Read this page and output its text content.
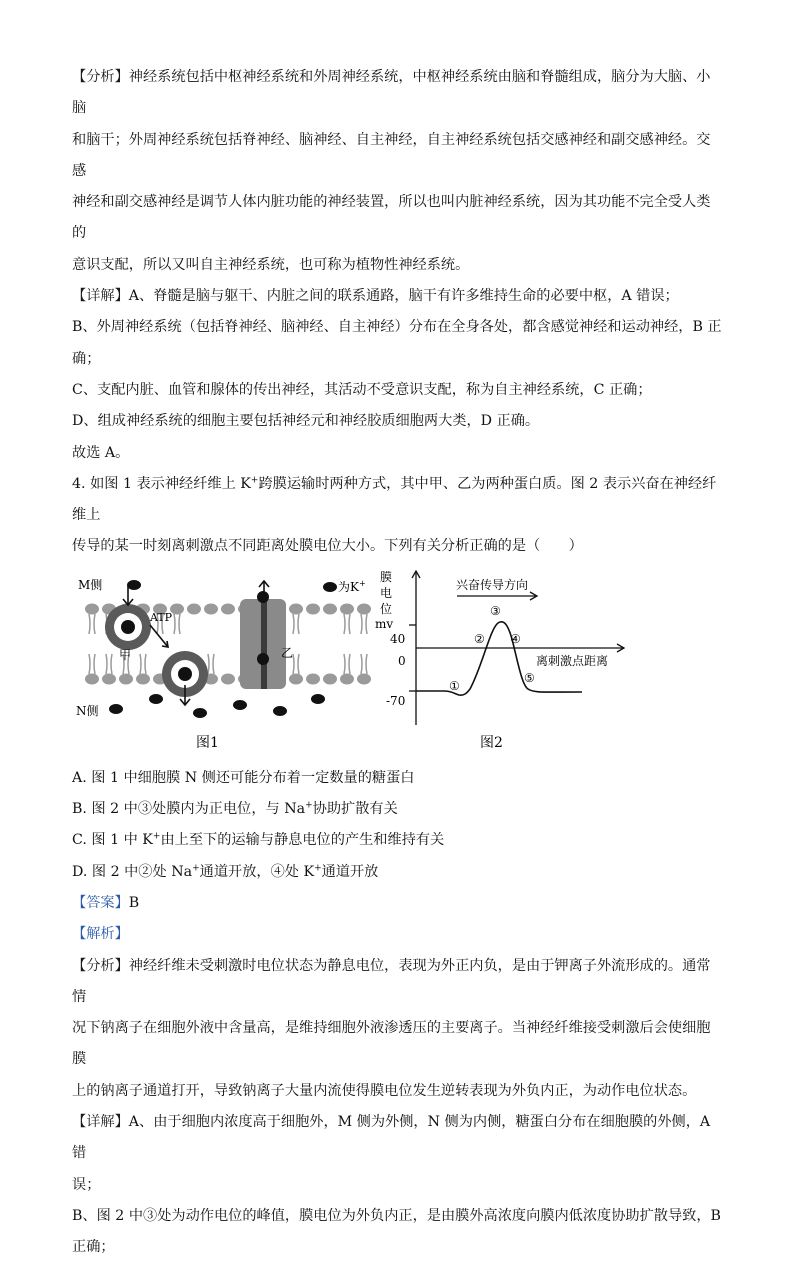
【分析】神经系统包括中枢神经系统和外周神经系统，中枢神经系统由脑和脊髓组成，脑分为大脑、小脑
和脑干；外周神经系统包括脊神经、脑神经、自主神经，自主神经系统包括交感神经和副交感神经。交感
神经和副交感神经是调节人体内脏功能的神经装置，所以也叫内脏神经系统，因为其功能不完全受人类的
意识支配，所以又叫自主神经系统，也可称为植物性神经系统。

【详解】A、脊髓是脑与躯干、内脏之间的联系通路，脑干有许多维持生命的必要中枢，A 错误；

B、外周神经系统（包括脊神经、脑神经、自主神经）分布在全身各处，都含感觉神经和运动神经，B 正
确；

C、支配内脏、血管和腺体的传出神经，其活动不受意识支配，称为自主神经系统，C 正确；

D、组成神经系统的细胞主要包括神经元和神经胶质细胞两大类，D 正确。

故选 A。

4. 如图 1 表示神经纤维上 K+跨膜运输时两种方式，其中甲、乙为两种蛋白质。图 2 表示兴奋在神经纤维上
传导的某一时刻离刺激点不同距离处膜电位大小。下列有关分析正确的是（　　）

M侧
N侧
为K+
ATP
甲	乙
图1
膜
电
位
mv
40
0
-70
兴奋传导方向
离刺激点距离
①
②
③
④
⑤
图2

A. 图 1 中细胞膜 N 侧还可能分布着一定数量的糖蛋白

B. 图 2 中③处膜内为正电位，与 Na+协助扩散有关

C. 图 1 中 K+由上至下的运输与静息电位的产生和维持有关

D. 图 2 中②处 Na+通道开放，④处 K+通道开放

【答案】B

【解析】

【分析】神经纤维未受刺激时电位状态为静息电位，表现为外正内负，是由于钾离子外流形成的。通常情
况下钠离子在细胞外液中含量高，是维持细胞外液渗透压的主要离子。当神经纤维接受刺激后会使细胞膜
上的钠离子通道打开，导致钠离子大量内流使得膜电位发生逆转表现为外负内正，为动作电位状态。

【详解】A、由于细胞内浓度高于细胞外，M 侧为外侧，N 侧为内侧，糖蛋白分布在细胞膜的外侧，A 错
误；

B、图 2 中③处为动作电位的峰值，膜电位为外负内正，是由膜外高浓度向膜内低浓度协助扩散导致，B
正确；
